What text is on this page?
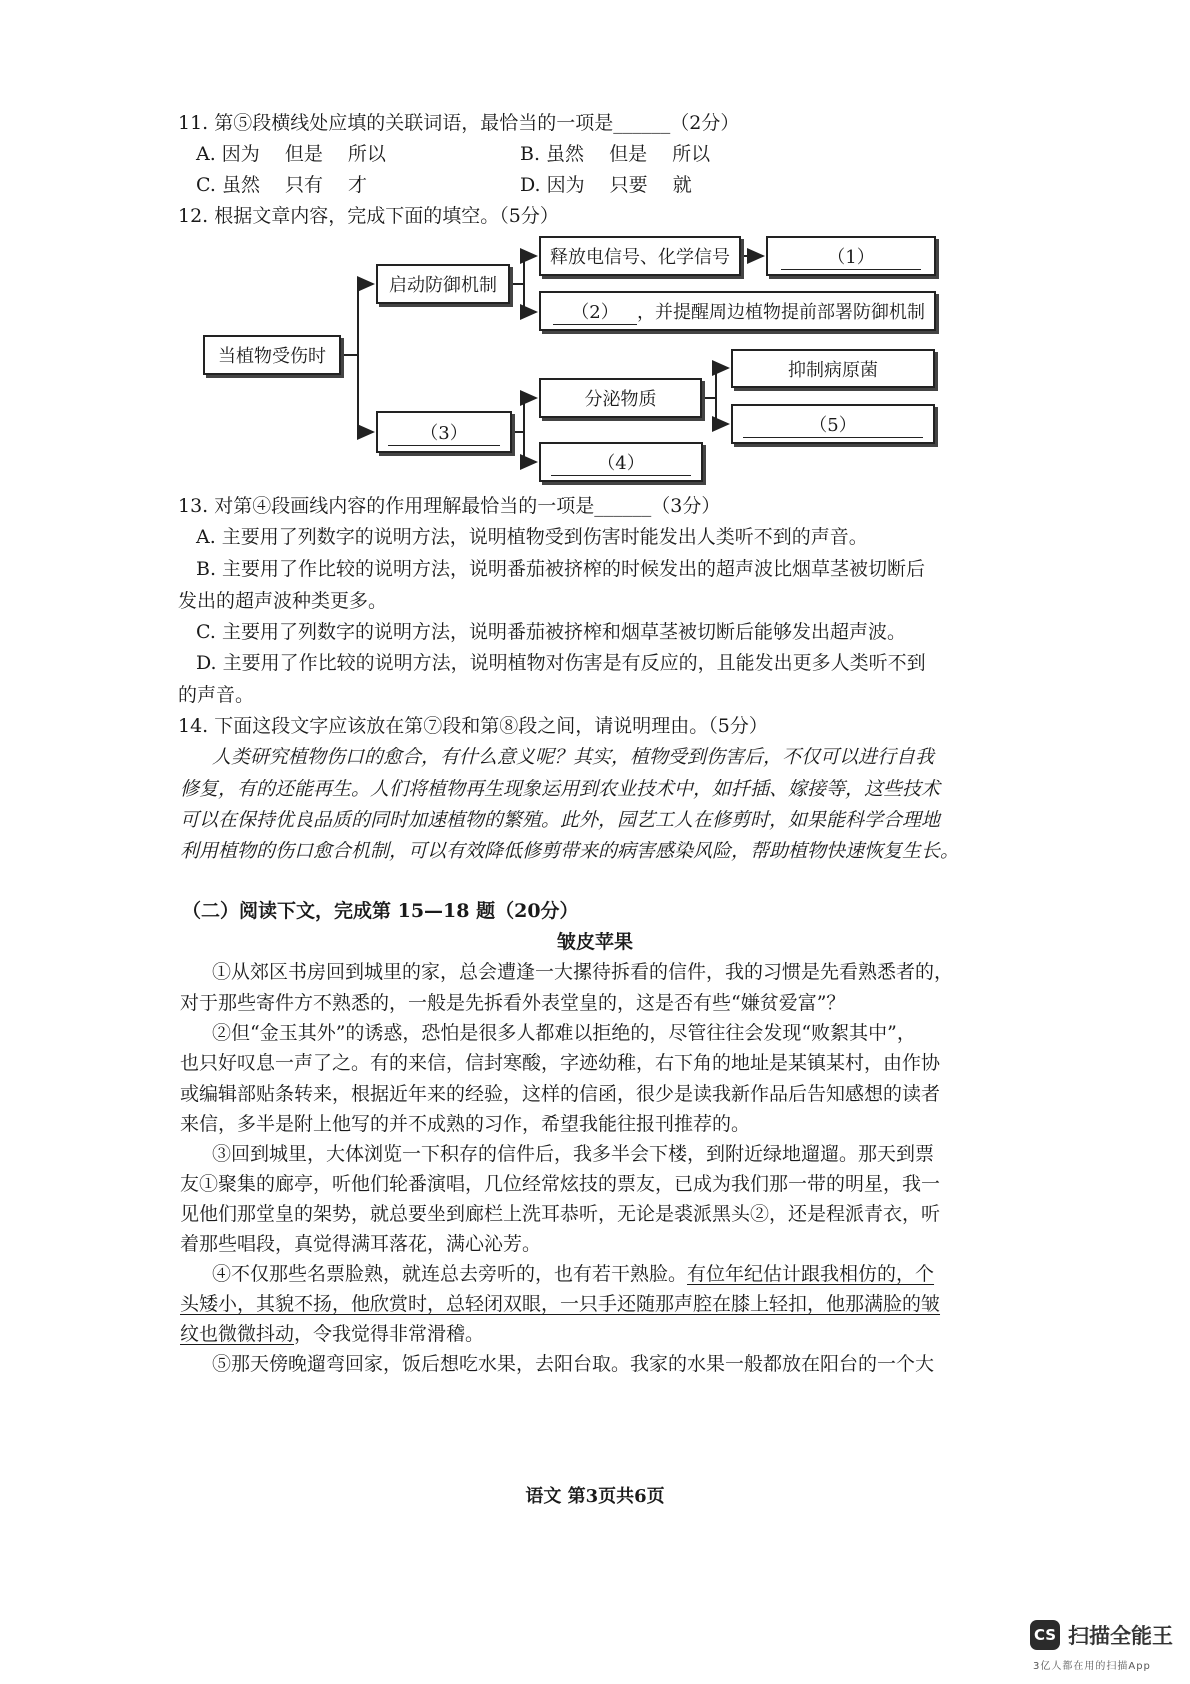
11. 第⑤段横线处应填的关联词语，最恰当的一项是______（2分）
A. 因为　 但是　 所以	B. 虽然　 但是　 所以
C. 虽然　 只有　 才	D. 因为　 只要　 就
12. 根据文章内容，完成下面的填空。（5分）
当植物受伤时
启动防御机制
释放电信号、化学信号	（1）
（2）	，并提醒周边植物提前部署防御机制
（3）
分泌物质
（4）
抑制病原菌
（5）
13. 对第④段画线内容的作用理解最恰当的一项是______（3分）
A. 主要用了列数字的说明方法，说明植物受到伤害时能发出人类听不到的声音。
B. 主要用了作比较的说明方法，说明番茄被挤榨的时候发出的超声波比烟草茎被切断后
发出的超声波种类更多。
C. 主要用了列数字的说明方法，说明番茄被挤榨和烟草茎被切断后能够发出超声波。
D. 主要用了作比较的说明方法，说明植物对伤害是有反应的，且能发出更多人类听不到
的声音。
14. 下面这段文字应该放在第⑦段和第⑧段之间，请说明理由。（5分）
人类研究植物伤口的愈合，有什么意义呢？其实，植物受到伤害后，不仅可以进行自我
修复，有的还能再生。人们将植物再生现象运用到农业技术中，如扦插、嫁接等，这些技术
可以在保持优良品质的同时加速植物的繁殖。此外，园艺工人在修剪时，如果能科学合理地
利用植物的伤口愈合机制，可以有效降低修剪带来的病害感染风险，帮助植物快速恢复生长。
（二）阅读下文，完成第 15—18 题（20分）
皱皮苹果
①从郊区书房回到城里的家，总会遭逢一大摞待拆看的信件，我的习惯是先看熟悉者的，
对于那些寄件方不熟悉的，一般是先拆看外表堂皇的，这是否有些“嫌贫爱富”？
②但“金玉其外”的诱惑，恐怕是很多人都难以拒绝的，尽管往往会发现“败絮其中”，
也只好叹息一声了之。有的来信，信封寒酸，字迹幼稚，右下角的地址是某镇某村，由作协
或编辑部贴条转来，根据近年来的经验，这样的信函，很少是读我新作品后告知感想的读者
来信，多半是附上他写的并不成熟的习作，希望我能往报刊推荐的。
③回到城里，大体浏览一下积存的信件后，我多半会下楼，到附近绿地遛遛。那天到票
友①聚集的廊亭，听他们轮番演唱，几位经常炫技的票友，已成为我们那一带的明星，我一
见他们那堂皇的架势，就总要坐到廊栏上洗耳恭听，无论是裘派黑头②，还是程派青衣，听
着那些唱段，真觉得满耳落花，满心沁芳。
④不仅那些名票脸熟，就连总去旁听的，也有若干熟脸。有位年纪估计跟我相仿的，个
头矮小，其貌不扬，他欣赏时，总轻闭双眼，一只手还随那声腔在膝上轻扣，他那满脸的皱
纹也微微抖动，令我觉得非常滑稽。
⑤那天傍晚遛弯回家，饭后想吃水果，去阳台取。我家的水果一般都放在阳台的一个大
语文 第3页共6页
CS 扫描全能王
3亿人都在用的扫描App
